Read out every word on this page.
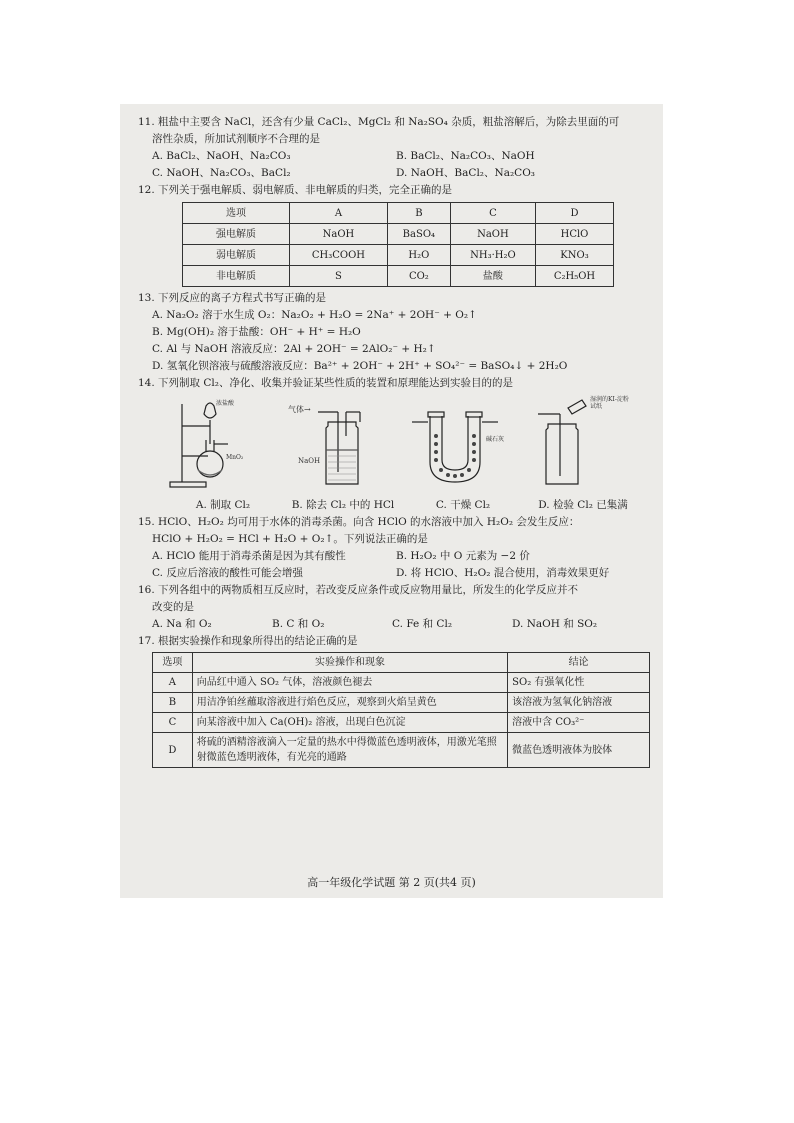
11. 粗盐中主要含 NaCl，还含有少量 CaCl₂、MgCl₂ 和 Na₂SO₄ 杂质，粗盐溶解后，为除去里面的可
溶性杂质，所加试剂顺序不合理的是
A. BaCl₂、NaOH、Na₂CO₃	B. BaCl₂、Na₂CO₃、NaOH
C. NaOH、Na₂CO₃、BaCl₂	D. NaOH、BaCl₂、Na₂CO₃
12. 下列关于强电解质、弱电解质、非电解质的归类，完全正确的是
选项	A	B	C	D
强电解质	NaOH	BaSO₄	NaOH	HClO
弱电解质	CH₃COOH	H₂O	NH₃·H₂O	KNO₃
非电解质	S	CO₂	盐酸	C₂H₅OH
13. 下列反应的离子方程式书写正确的是
A. Na₂O₂ 溶于水生成 O₂：Na₂O₂ + H₂O = 2Na⁺ + 2OH⁻ + O₂↑
B. Mg(OH)₂ 溶于盐酸：OH⁻ + H⁺ = H₂O
C. Al 与 NaOH 溶液反应：2Al + 2OH⁻ = 2AlO₂⁻ + H₂↑
D. 氢氧化钡溶液与硫酸溶液反应：Ba²⁺ + 2OH⁻ + 2H⁺ + SO₄²⁻ = BaSO₄↓ + 2H₂O
14. 下列制取 Cl₂、净化、收集并验证某些性质的装置和原理能达到实验目的的是
浓盐酸
MnO₂
A. 制取 Cl₂
气体→
NaOH
B. 除去 Cl₂ 中的 HCl
碱石灰
C. 干燥 Cl₂
湿润的KI-淀粉试纸
D. 检验 Cl₂ 已集满
15. HClO、H₂O₂ 均可用于水体的消毒杀菌。向含 HClO 的水溶液中加入 H₂O₂ 会发生反应：
HClO + H₂O₂ = HCl + H₂O + O₂↑。下列说法正确的是
A. HClO 能用于消毒杀菌是因为其有酸性	B. H₂O₂ 中 O 元素为 −2 价
C. 反应后溶液的酸性可能会增强	D. 将 HClO、H₂O₂ 混合使用，消毒效果更好
16. 下列各组中的两物质相互反应时，若改变反应条件或反应物用量比，所发生的化学反应并不
改变的是
A. Na 和 O₂	B. C 和 O₂	C. Fe 和 Cl₂	D. NaOH 和 SO₂
17. 根据实验操作和现象所得出的结论正确的是
选项	实验操作和现象	结论
A	向品红中通入 SO₂ 气体，溶液颜色褪去	SO₂ 有强氧化性
B	用洁净铂丝蘸取溶液进行焰色反应，观察到火焰呈黄色	该溶液为氢氧化钠溶液
C	向某溶液中加入 Ca(OH)₂ 溶液，出现白色沉淀	溶液中含 CO₃²⁻
D	将硫的酒精溶液滴入一定量的热水中得微蓝色透明液体，用激光笔照射微蓝色透明液体，有光亮的通路	微蓝色透明液体为胶体
高一年级化学试题 第 2 页(共4 页)
